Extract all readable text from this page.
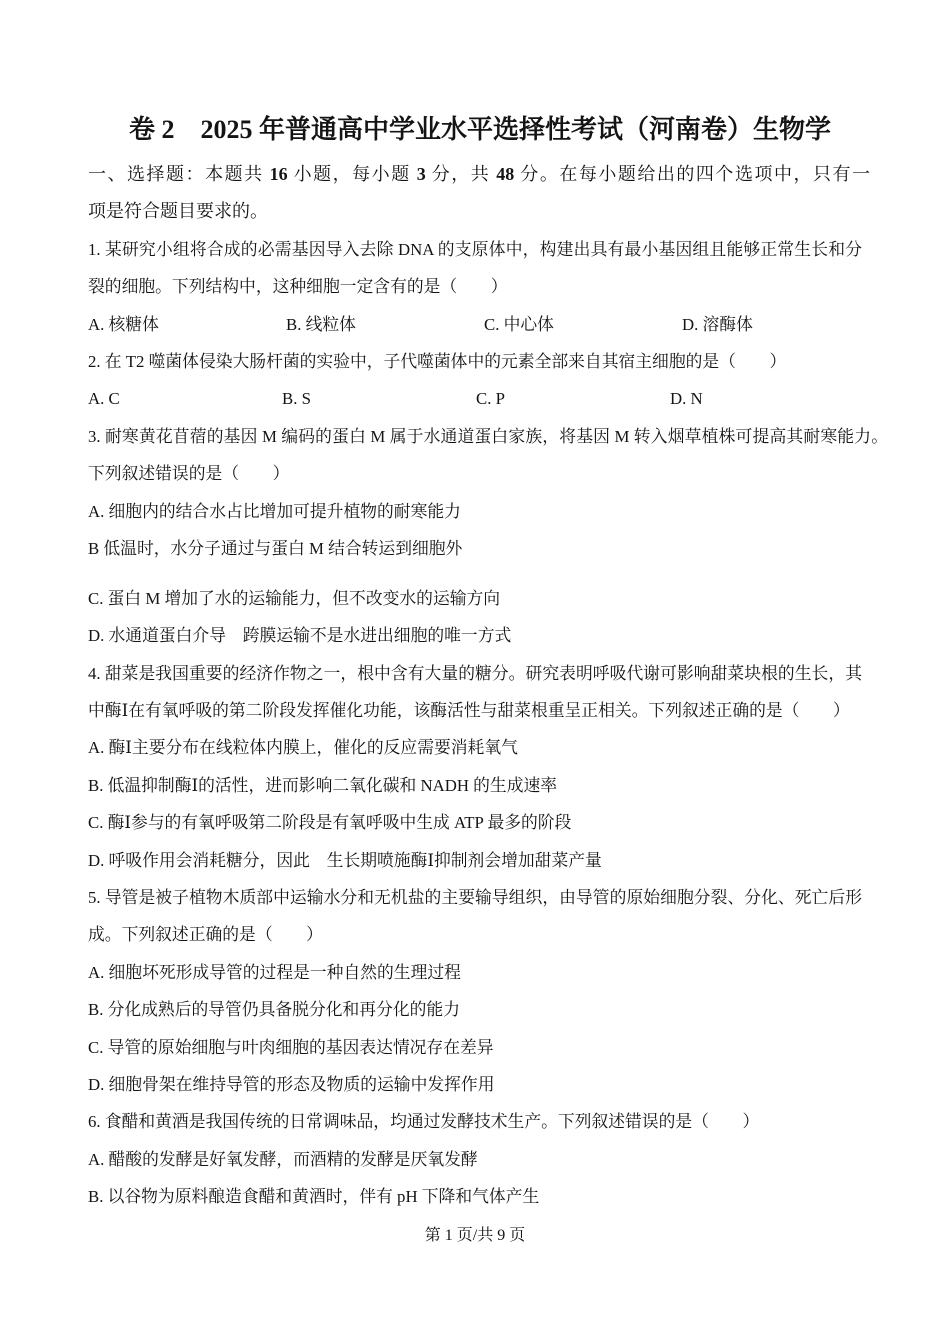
卷 2　2025 年普通高中学业水平选择性考试（河南卷）生物学
一、选择题：本题共 16 小题，每小题 3 分，共 48 分。在每小题给出的四个选项中，只有一
项是符合题目要求的。
1. 某研究小组将合成的必需基因导入去除 DNA 的支原体中，构建出具有最小基因组且能够正常生长和分
裂的细胞。下列结构中，这种细胞一定含有的是（　　）
A. 核糖体	B. 线粒体	C. 中心体	D. 溶酶体
2. 在 T2 噬菌体侵染大肠杆菌的实验中，子代噬菌体中的元素全部来自其宿主细胞的是（　　）
A. C	B. S	C. P	D. N
3. 耐寒黄花苜蓿的基因 M 编码的蛋白 M 属于水通道蛋白家族，将基因 M 转入烟草植株可提高其耐寒能力。
下列叙述错误的是（　　）
A. 细胞内的结合水占比增加可提升植物的耐寒能力
B 低温时，水分子通过与蛋白 M 结合转运到细胞外
C. 蛋白 M 增加了水的运输能力，但不改变水的运输方向
D. 水通道蛋白介导　跨膜运输不是水进出细胞的唯一方式
4. 甜菜是我国重要的经济作物之一，根中含有大量的糖分。研究表明呼吸代谢可影响甜菜块根的生长，其
中酶Ⅰ在有氧呼吸的第二阶段发挥催化功能，该酶活性与甜菜根重呈正相关。下列叙述正确的是（　　）
A. 酶Ⅰ主要分布在线粒体内膜上，催化的反应需要消耗氧气
B. 低温抑制酶Ⅰ的活性，进而影响二氧化碳和 NADH 的生成速率
C. 酶Ⅰ参与的有氧呼吸第二阶段是有氧呼吸中生成 ATP 最多的阶段
D. 呼吸作用会消耗糖分，因此　生长期喷施酶Ⅰ抑制剂会增加甜菜产量
5. 导管是被子植物木质部中运输水分和无机盐的主要输导组织，由导管的原始细胞分裂、分化、死亡后形
成。下列叙述正确的是（　　）
A. 细胞坏死形成导管的过程是一种自然的生理过程
B. 分化成熟后的导管仍具备脱分化和再分化的能力
C. 导管的原始细胞与叶肉细胞的基因表达情况存在差异
D. 细胞骨架在维持导管的形态及物质的运输中发挥作用
6. 食醋和黄酒是我国传统的日常调味品，均通过发酵技术生产。下列叙述错误的是（　　）
A. 醋酸的发酵是好氧发酵，而酒精的发酵是厌氧发酵
B. 以谷物为原料酿造食醋和黄酒时，伴有 pH 下降和气体产生
第 1 页/共 9 页
